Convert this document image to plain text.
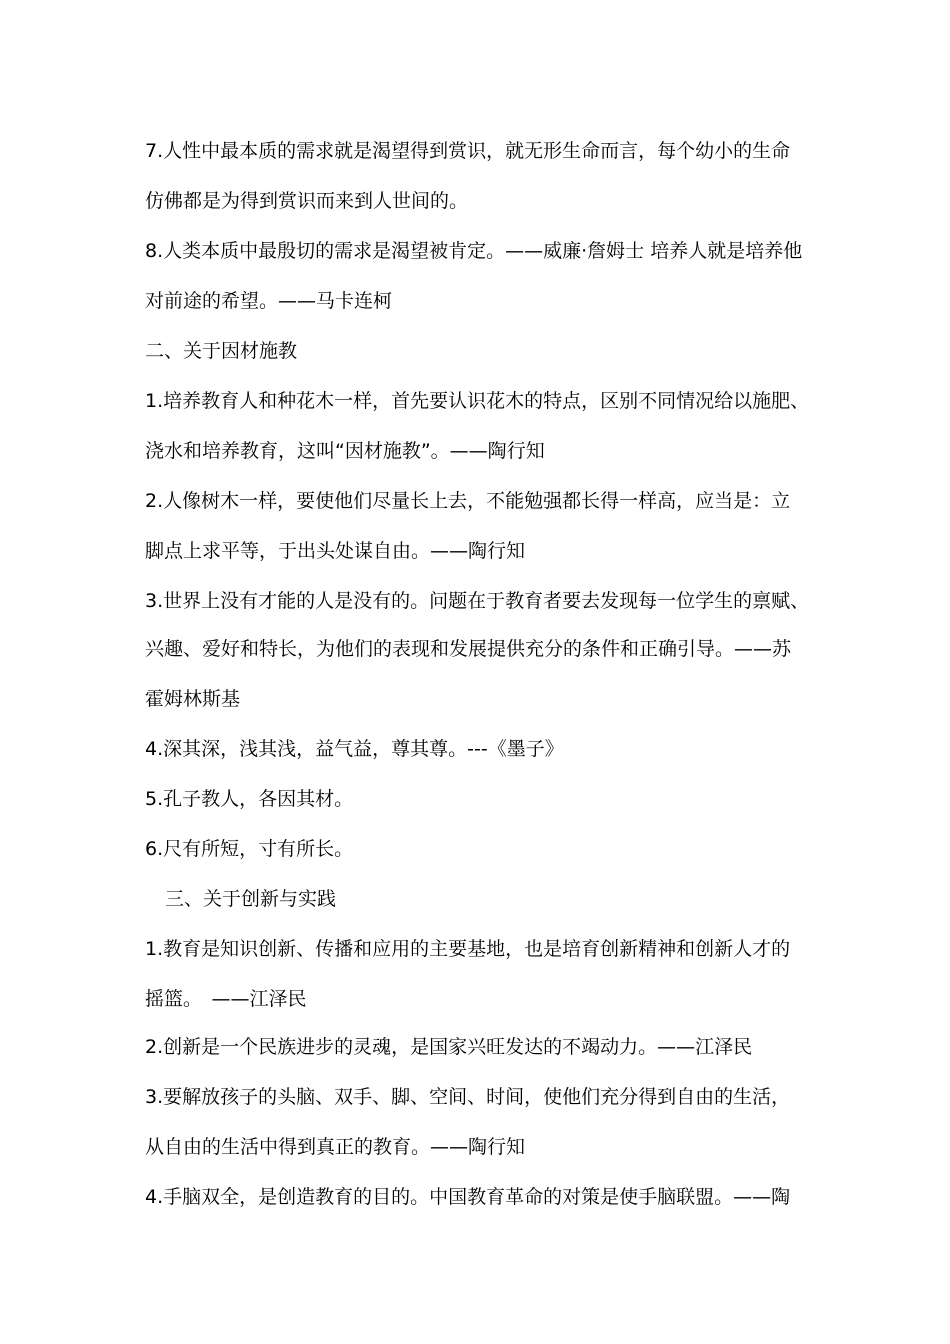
7.人性中最本质的需求就是渴望得到赏识，就无形生命而言，每个幼小的生命
仿佛都是为得到赏识而来到人世间的。
8.人类本质中最殷切的需求是渴望被肯定。——威廉·詹姆士 培养人就是培养他
对前途的希望。——马卡连柯
二、关于因材施教
1.培养教育人和种花木一样，首先要认识花木的特点，区别不同情况给以施肥、
浇水和培养教育，这叫“因材施教”。——陶行知
2.人像树木一样，要使他们尽量长上去，不能勉强都长得一样高，应当是：立
脚点上求平等，于出头处谋自由。——陶行知
3.世界上没有才能的人是没有的。问题在于教育者要去发现每一位学生的禀赋、
兴趣、爱好和特长，为他们的表现和发展提供充分的条件和正确引导。——苏
霍姆林斯基
4.深其深，浅其浅，益气益，尊其尊。---《墨子》
5.孔子教人，各因其材。
6.尺有所短，寸有所长。
三、关于创新与实践
1.教育是知识创新、传播和应用的主要基地，也是培育创新精神和创新人才的
摇篮。　——江泽民
2.创新是一个民族进步的灵魂，是国家兴旺发达的不竭动力。——江泽民
3.要解放孩子的头脑、双手、脚、空间、时间，使他们充分得到自由的生活，
从自由的生活中得到真正的教育。——陶行知
4.手脑双全，是创造教育的目的。中国教育革命的对策是使手脑联盟。——陶
